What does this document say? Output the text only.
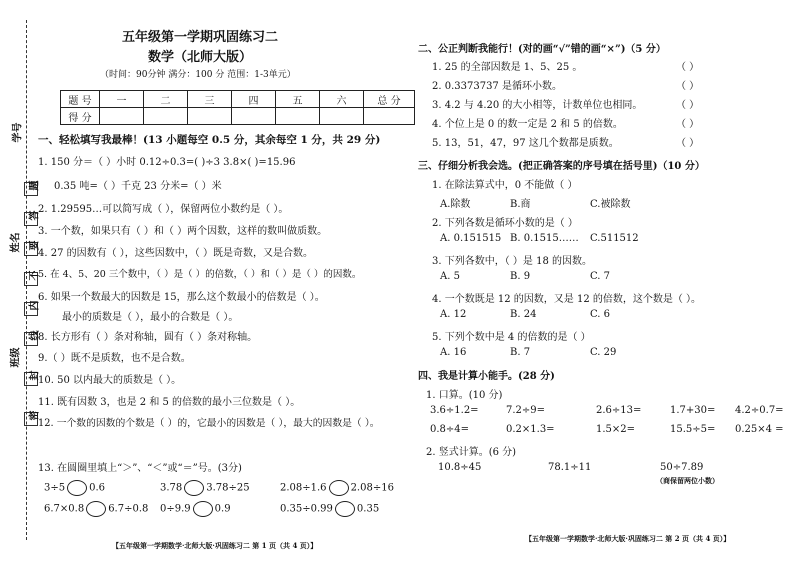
学号
题
答
要
不
内
线
封
密
姓名
班级
五年级第一学期巩固练习二
数学（北师大版）
（时间：90分钟 满分：100 分 范围：1-3单元）
题 号	一	二	三	四	五	六	总 分
得 分							
一、轻松填写我最棒！(13 小题每空 0.5 分，其余每空 1 分，共 29 分)
1. 150 分＝（ ）小时 0.12÷0.3=( )÷3 3.8×( )=15.96
0.35 吨=（ ）千克 23 分米=（ ）米
2. 1.29595…可以简写成（ ），保留两位小数约是（ ）。
3. 一个数，如果只有（ ）和（ ）两个因数，这样的数叫做质数。
4. 27 的因数有（ ），这些因数中，（ ）既是奇数，又是合数。
5. 在 4、5、20 三个数中，（ ）是（ ）的倍数，（ ）和（ ）是（ ）的因数。
6. 如果一个数最大的因数是 15，那么这个数最小的倍数是（ ）。
最小的质数是（ ），最小的合数是（ ）。
8. 长方形有（ ）条对称轴，圆有（ ）条对称轴。
9.（ ）既不是质数，也不是合数。
10. 50 以内最大的质数是（ ）。
11. 既有因数 3，也是 2 和 5 的倍数的最小三位数是（ ）。
12. 一个数的因数的个数是（ ）的，它最小的因数是（ ），最大的因数是（ ）。
13. 在圆圈里填上“＞”、“＜”或“＝”号。(3分)
3÷5 0.6	3.78 3.78÷25	2.08÷1.6 2.08÷16
6.7×0.8 6.7÷0.8 0÷9.9 0.9	0.35÷0.99 0.35
【五年级第一学期数学·北师大版·巩固练习二 第 1 页（共 4 页）】
二、公正判断我能行！(对的画“√”错的画“×”)（5 分）
1. 25 的全部因数是 1、5、25 。
2. 0.3373737 是循环小数。
3. 4.2 与 4.20 的大小相等，计数单位也相同。
4. 个位上是 0 的数一定是 2 和 5 的倍数。
5. 13，51，47，97 这几个数都是质数。
（ ）
（ ）
（ ）
（ ）
（ ）
三、仔细分析我会选。(把正确答案的序号填在括号里)（10 分）
1. 在除法算式中，0 不能做（ ）
A.除数	B.商	C.被除数
2. 下列各数是循环小数的是（ ）
A. 0.151515 B. 0.1515…… C.511512
3. 下列各数中，（ ）是 18 的因数。
A. 5	B. 9	C. 7
4. 一个数既是 12 的因数，又是 12 的倍数，这个数是（ ）。
A. 12	B. 24	C. 6
5. 下列个数中是 4 的倍数的是（ ）
A. 16	B. 7	C. 29
四、我是计算小能手。(28 分)
1. 口算。(10 分)
3.6÷1.2=	7.2÷9=	2.6÷13=	1.7+30= 4.2÷0.7=
0.8÷4=	0.2×1.3=	1.5×2=	15.5÷5= 0.25×4 =
2. 竖式计算。(6 分)
10.8÷45	78.1÷11	50÷7.89
（商保留两位小数）
【五年级第一学期数学·北师大版·巩固练习二 第 2 页（共 4 页）】
